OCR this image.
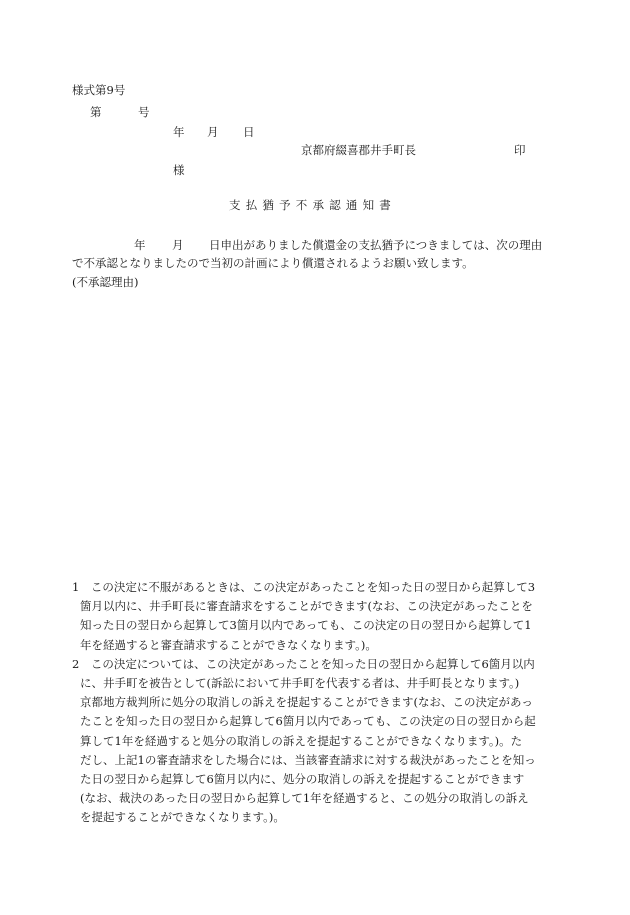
様式第9号
第	号
年 月 日
京都府綴喜郡井手町長	印
様
支払猶予不承認通知書
年 月 日申出がありました償還金の支払猶予につきましては、次の理由
で不承認となりましたので当初の計画により償還されるようお願い致します。
(不承認理由)
1　この決定に不服があるときは、この決定があったことを知った日の翌日から起算して3
箇月以内に、井手町長に審査請求をすることができます(なお、この決定があったことを
知った日の翌日から起算して3箇月以内であっても、この決定の日の翌日から起算して1
年を経過すると審査請求することができなくなります。)。
2　この決定については、この決定があったことを知った日の翌日から起算して6箇月以内
に、井手町を被告として(訴訟において井手町を代表する者は、井手町長となります。)
京都地方裁判所に処分の取消しの訴えを提起することができます(なお、この決定があっ
たことを知った日の翌日から起算して6箇月以内であっても、この決定の日の翌日から起
算して1年を経過すると処分の取消しの訴えを提起することができなくなります。)。た
だし、上記1の審査請求をした場合には、当該審査請求に対する裁決があったことを知っ
た日の翌日から起算して6箇月以内に、処分の取消しの訴えを提起することができます
(なお、裁決のあった日の翌日から起算して1年を経過すると、この処分の取消しの訴え
を提起することができなくなります。)。
